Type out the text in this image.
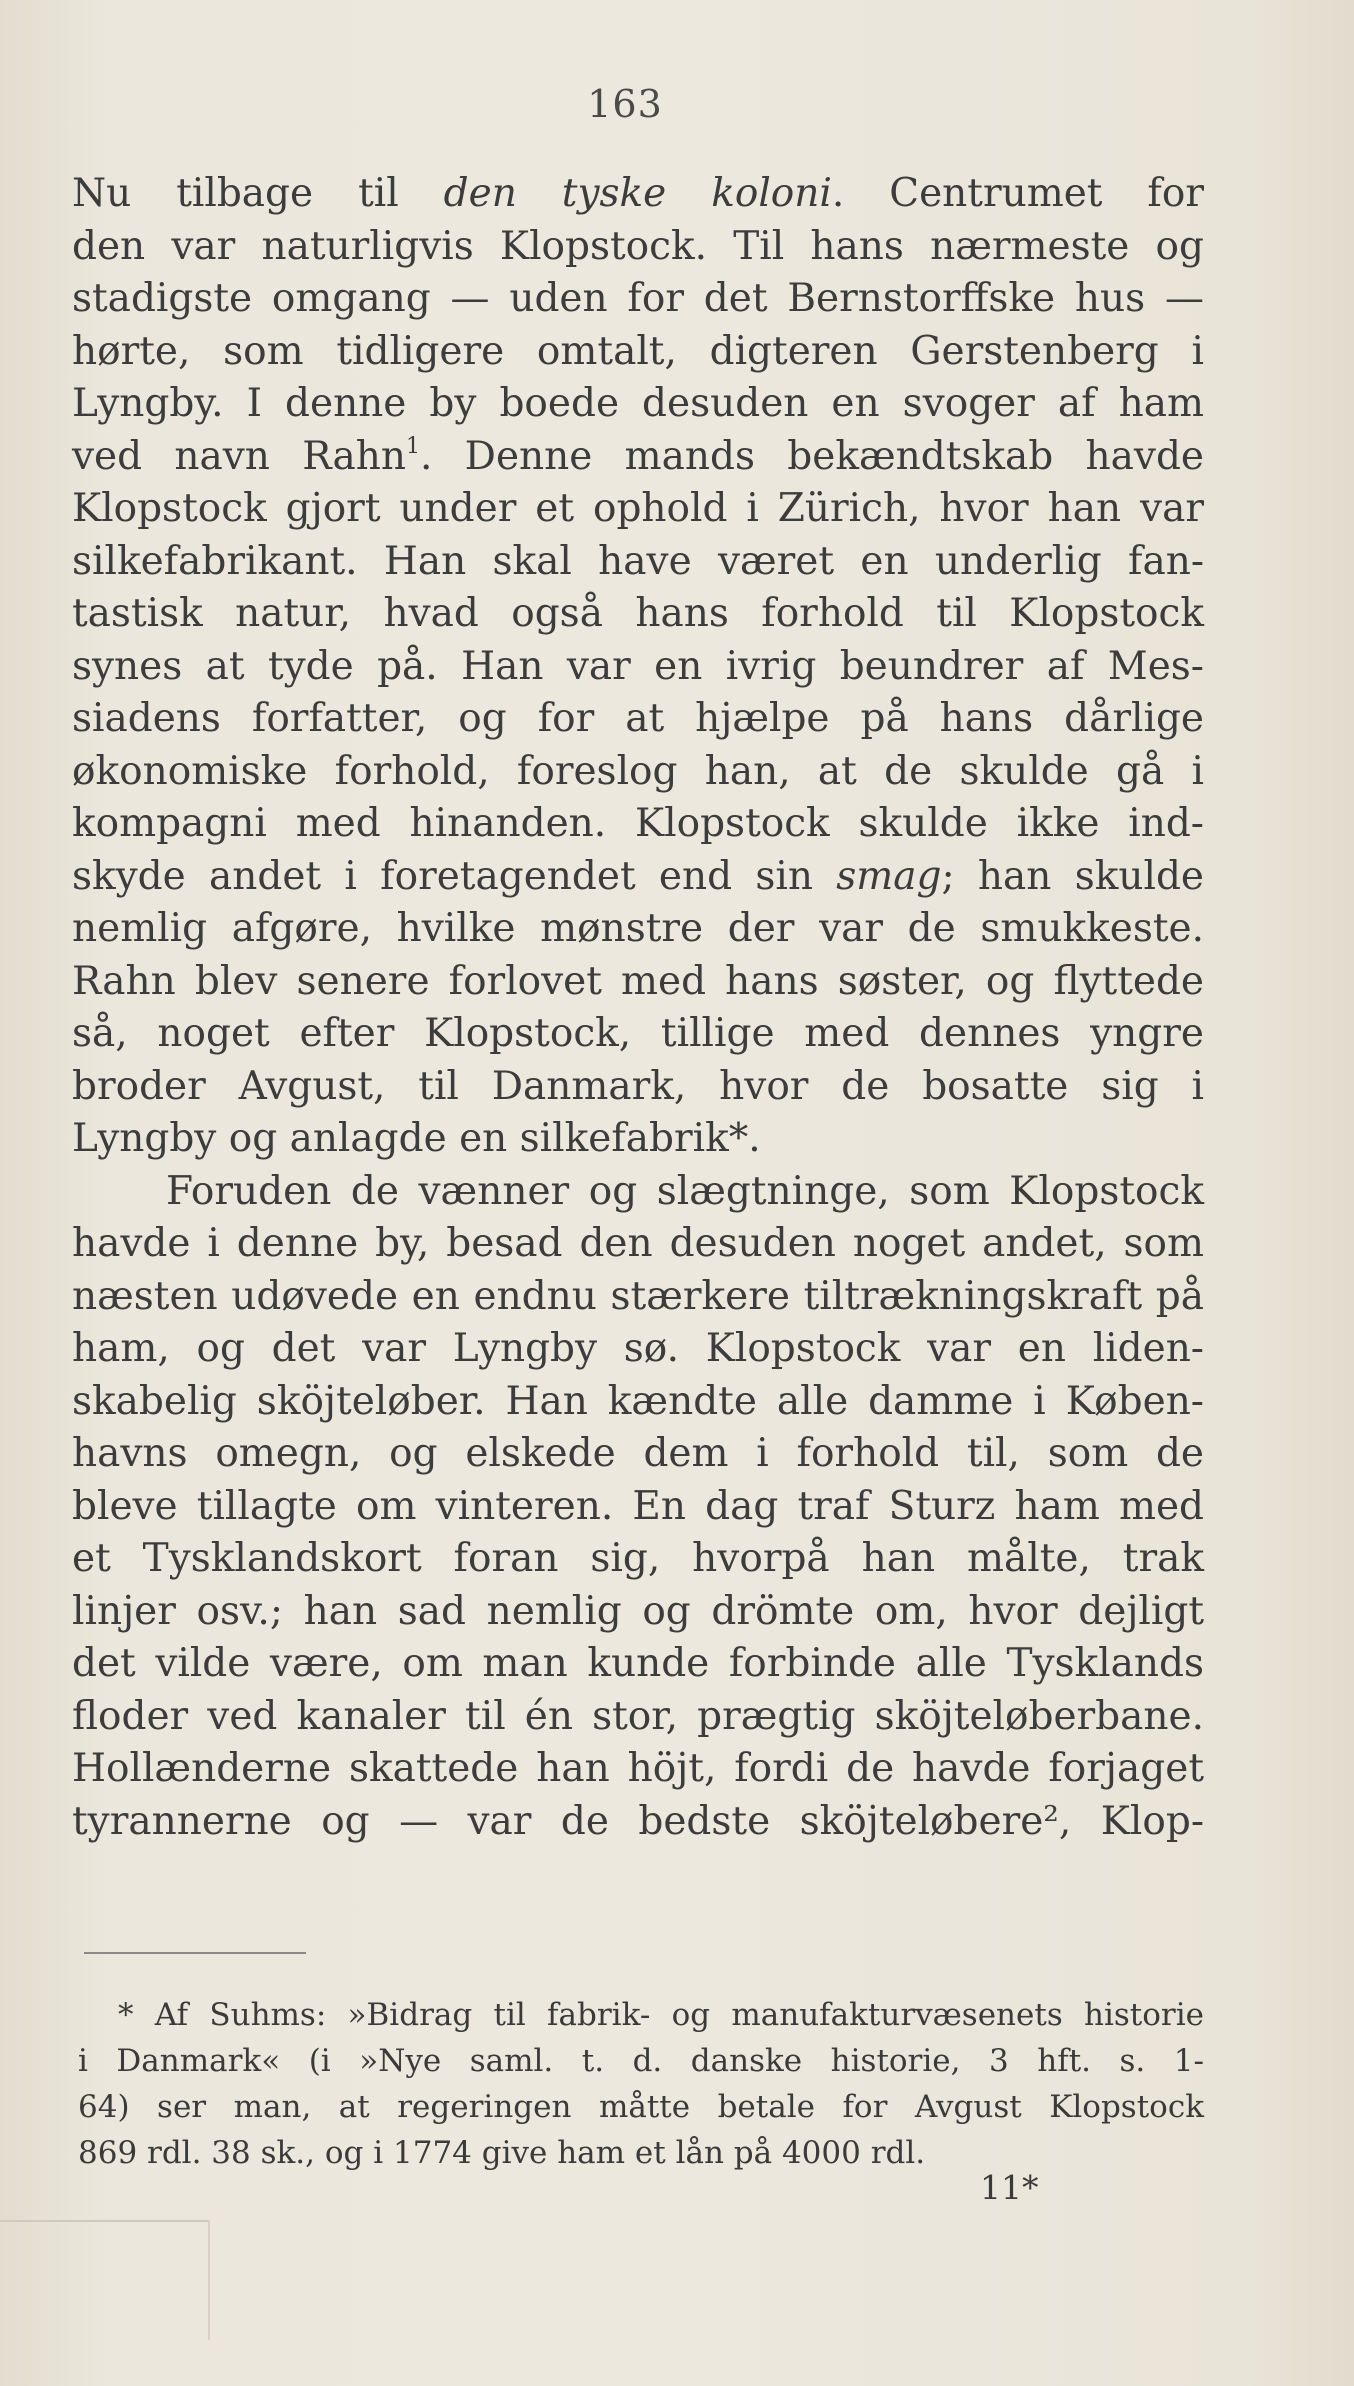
163
Nu tilbage til den tyske koloni. Centrumet for
den var naturligvis Klopstock. Til hans nærmeste og
stadigste omgang — uden for det Bernstorffske hus —
hørte, som tidligere omtalt, digteren Gerstenberg i
Lyngby. I denne by boede desuden en svoger af ham
ved navn Rahn$^1$. Denne mands bekændtskab havde
Klopstock gjort under et ophold i Zürich, hvor han var
silkefabrikant. Han skal have været en underlig fan-
tastisk natur, hvad også hans forhold til Klopstock
synes at tyde på. Han var en ivrig beundrer af Mes-
siadens forfatter, og for at hjælpe på hans dårlige
økonomiske forhold, foreslog han, at de skulde gå i
kompagni med hinanden. Klopstock skulde ikke ind-
skyde andet i foretagendet end sin smag; han skulde
nemlig afgøre, hvilke mønstre der var de smukkeste.
Rahn blev senere forlovet med hans søster, og flyttede
så, noget efter Klopstock, tillige med dennes yngre
broder Avgust, til Danmark, hvor de bosatte sig i
Lyngby og anlagde en silkefabrik*.
Foruden de vænner og slægtninge, som Klopstock
havde i denne by, besad den desuden noget andet, som
næsten udøvede en endnu stærkere tiltrækningskraft på
ham, og det var Lyngby sø. Klopstock var en liden-
skabelig sköjteløber. Han kændte alle damme i Køben-
havns omegn, og elskede dem i forhold til, som de
bleve tillagte om vinteren. En dag traf Sturz ham med
et Tysklandskort foran sig, hvorpå han målte, trak
linjer osv.; han sad nemlig og drömte om, hvor dejligt
det vilde være, om man kunde forbinde alle Tysklands
floder ved kanaler til én stor, prægtig sköjteløberbane.
Hollænderne skattede han höjt, fordi de havde forjaget
tyrannerne og — var de bedste sköjteløbere², Klop-
* Af Suhms: »Bidrag til fabrik- og manufakturvæsenets historie
i Danmark« (i »Nye saml. t. d. danske historie, 3 hft. s. 1-
64) ser man, at regeringen måtte betale for Avgust Klopstock
869 rdl. 38 sk., og i 1774 give ham et lån på 4000 rdl.
11*
